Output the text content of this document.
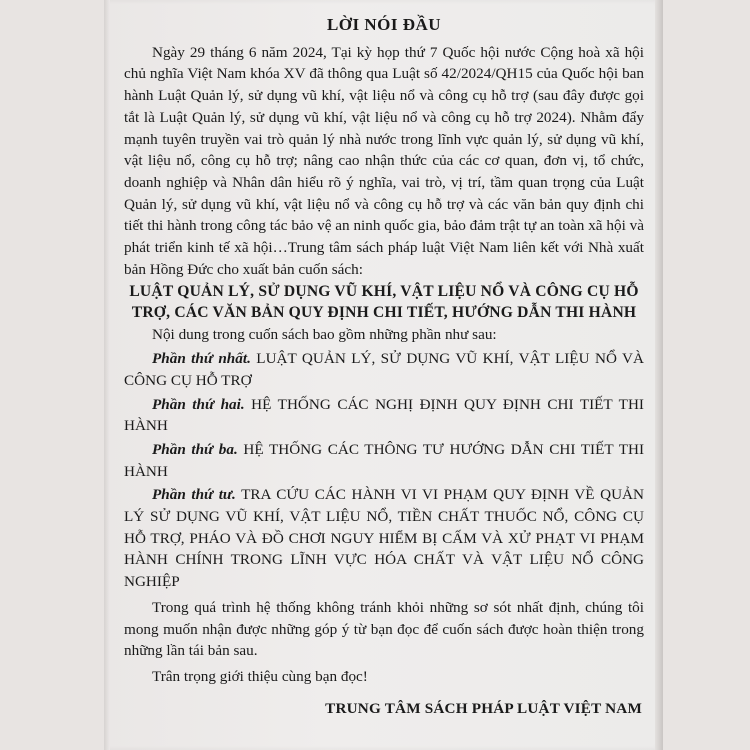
LỜI NÓI ĐẦU

Ngày 29 tháng 6 năm 2024, Tại kỳ họp thứ 7 Quốc hội nước Cộng hoà xã hội chủ nghĩa Việt Nam khóa XV đã thông qua Luật số 42/2024/QH15 của Quốc hội ban hành Luật Quản lý, sử dụng vũ khí, vật liệu nổ và công cụ hỗ trợ (sau đây được gọi tắt là Luật Quản lý, sử dụng vũ khí, vật liệu nổ và công cụ hỗ trợ 2024). Nhằm đẩy mạnh tuyên truyền vai trò quản lý nhà nước trong lĩnh vực quản lý, sử dụng vũ khí, vật liệu nổ, công cụ hỗ trợ; nâng cao nhận thức của các cơ quan, đơn vị, tổ chức, doanh nghiệp và Nhân dân hiểu rõ ý nghĩa, vai trò, vị trí, tầm quan trọng của Luật Quản lý, sử dụng vũ khí, vật liệu nổ và công cụ hỗ trợ và các văn bản quy định chi tiết thi hành trong công tác bảo vệ an ninh quốc gia, bảo đảm trật tự an toàn xã hội và phát triển kinh tế xã hội…Trung tâm sách pháp luật Việt Nam liên kết với Nhà xuất bản Hồng Đức cho xuất bản cuốn sách:

LUẬT QUẢN LÝ, SỬ DỤNG VŨ KHÍ, VẬT LIỆU NỔ VÀ CÔNG CỤ HỖ TRỢ, CÁC VĂN BẢN QUY ĐỊNH CHI TIẾT, HƯỚNG DẪN THI HÀNH

Nội dung trong cuốn sách bao gồm những phần như sau:

Phần thứ nhất. LUẬT QUẢN LÝ, SỬ DỤNG VŨ KHÍ, VẬT LIỆU NỔ VÀ CÔNG CỤ HỖ TRỢ

Phần thứ hai. HỆ THỐNG CÁC NGHỊ ĐỊNH QUY ĐỊNH CHI TIẾT THI HÀNH

Phần thứ ba. HỆ THỐNG CÁC THÔNG TƯ HƯỚNG DẪN CHI TIẾT THI HÀNH

Phần thứ tư. TRA CỨU CÁC HÀNH VI VI PHẠM QUY ĐỊNH VỀ QUẢN LÝ SỬ DỤNG VŨ KHÍ, VẬT LIỆU NỔ, TIỀN CHẤT THUỐC NỔ, CÔNG CỤ HỖ TRỢ, PHÁO VÀ ĐỒ CHƠI NGUY HIỂM BỊ CẤM VÀ XỬ PHẠT VI PHẠM HÀNH CHÍNH TRONG LĨNH VỰC HÓA CHẤT VÀ VẬT LIỆU NỔ CÔNG NGHIỆP

Trong quá trình hệ thống không tránh khỏi những sơ sót nhất định, chúng tôi mong muốn nhận được những góp ý từ bạn đọc để cuốn sách được hoàn thiện trong những lần tái bản sau.

Trân trọng giới thiệu cùng bạn đọc!

TRUNG TÂM SÁCH PHÁP LUẬT VIỆT NAM
